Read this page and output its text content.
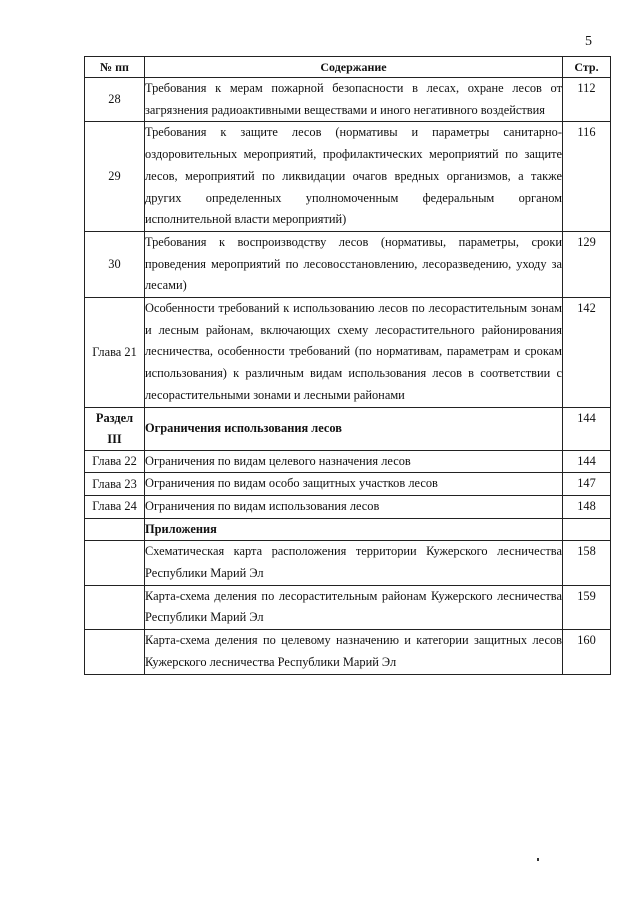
5
№ пп	Содержание	Стр.
28	Требования к мерам пожарной безопасности в лесах, охране лесов от загрязнения радиоактивными веществами и иного негативного воздействия	112
29	Требования к защите лесов (нормативы и параметры санитарно-оздоровительных мероприятий, профилактических мероприятий по защите лесов, мероприятий по ликвидации очагов вредных организмов, а также других определенных уполномоченным федеральным органом исполнительной власти мероприятий)	116
30	Требования к воспроизводству лесов (нормативы, параметры, сроки проведения мероприятий по лесовосстановлению, лесоразведению, уходу за лесами)	129
Глава 21	Особенности требований к использованию лесов по лесорастительным зонам и лесным районам, включающих схему лесорастительного районирования лесничества, особенности требований (по нормативам, параметрам и срокам использования) к различным видам использования лесов в соответствии с лесорастительными зонами и лесными районами	142
Раздел III	Ограничения использования лесов	144
Глава 22	Ограничения по видам целевого назначения лесов	144
Глава 23	Ограничения по видам особо защитных участков лесов	147
Глава 24	Ограничения по видам использования лесов	148
	Приложения	
	Схематическая карта расположения территории Кужерского лесничества Республики Марий Эл	158
	Карта-схема деления по лесорастительным районам Кужерского лесничества Республики Марий Эл	159
	Карта-схема деления по целевому назначению и категории защитных лесов Кужерского лесничества Республики Марий Эл	160
